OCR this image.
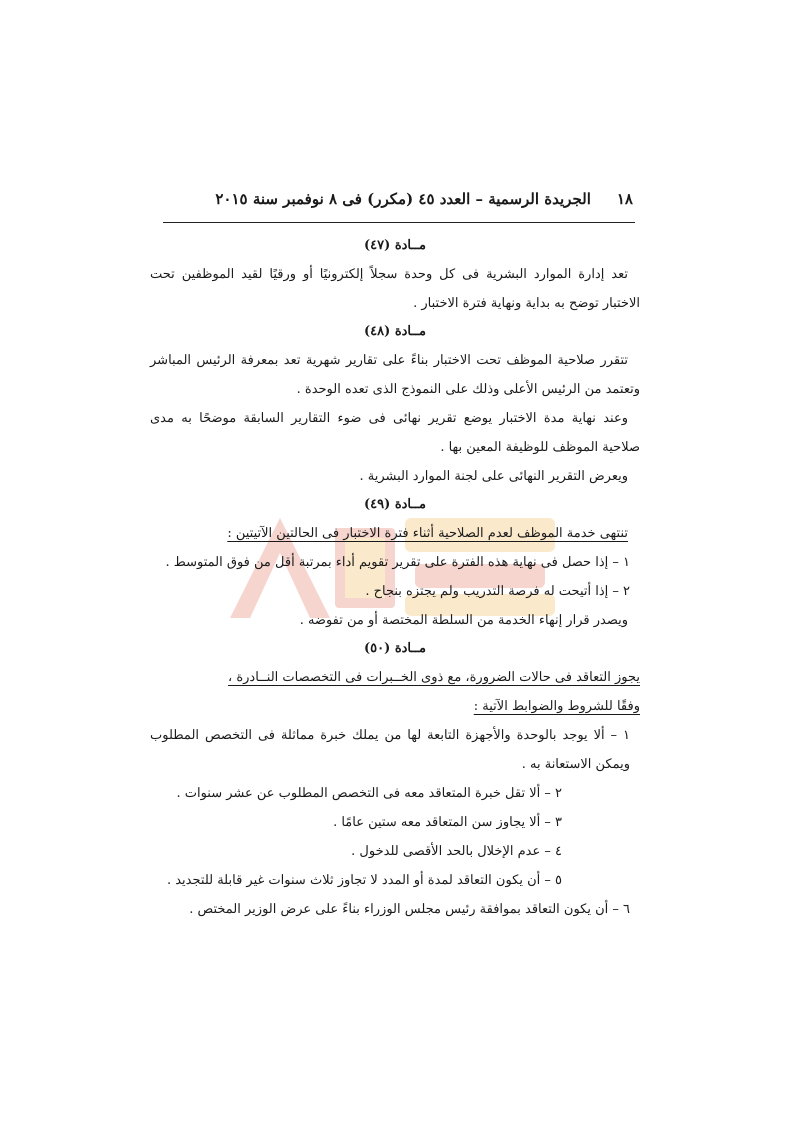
١٨
الجريدة الرسمية – العدد ٤٥ (مكرر) فى ٨ نوفمبر سنة ٢٠١٥
مــادة (٤٧)

تعد إدارة الموارد البشرية فى كل وحدة سجلاً إلكترونيًا أو ورقيًا لقيد الموظفين تحت الاختبار توضح به بداية ونهاية فترة الاختبار .

مــادة (٤٨)

تتقرر صلاحية الموظف تحت الاختبار بناءً على تقارير شهرية تعد بمعرفة الرئيس المباشر وتعتمد من الرئيس الأعلى وذلك على النموذج الذى تعده الوحدة .

وعند نهاية مدة الاختبار يوضع تقرير نهائى فى ضوء التقارير السابقة موضحًا به مدى صلاحية الموظف للوظيفة المعين بها .

ويعرض التقرير النهائى على لجنة الموارد البشرية .

مــادة (٤٩)

تنتهى خدمة الموظف لعدم الصلاحية أثناء فترة الاختبار فى الحالتين الآتيتين :

١ – إذا حصل فى نهاية هذه الفترة على تقرير تقويم أداء بمرتبة أقل من فوق المتوسط .

٢ – إذا أتيحت له فرصة التدريب ولم يجتزه بنجاح .

ويصدر قرار إنهاء الخدمة من السلطة المختصة أو من تفوضه .

مــادة (٥٠)

يجوز التعاقد فى حالات الضرورة، مع ذوى الخــبرات فى التخصصات النــادرة ،

وفقًا للشروط والضوابط الآتية :

١ – ألا يوجد بالوحدة والأجهزة التابعة لها من يملك خبرة مماثلة فى التخصص المطلوب ويمكن الاستعانة به .

٢ – ألا تقل خبرة المتعاقد معه فى التخصص المطلوب عن عشر سنوات .

٣ – ألا يجاوز سن المتعاقد معه ستين عامًا .

٤ – عدم الإخلال بالحد الأقصى للدخول .

٥ – أن يكون التعاقد لمدة أو المدد لا تجاوز ثلاث سنوات غير قابلة للتجديد .

٦ – أن يكون التعاقد بموافقة رئيس مجلس الوزراء بناءً على عرض الوزير المختص .
